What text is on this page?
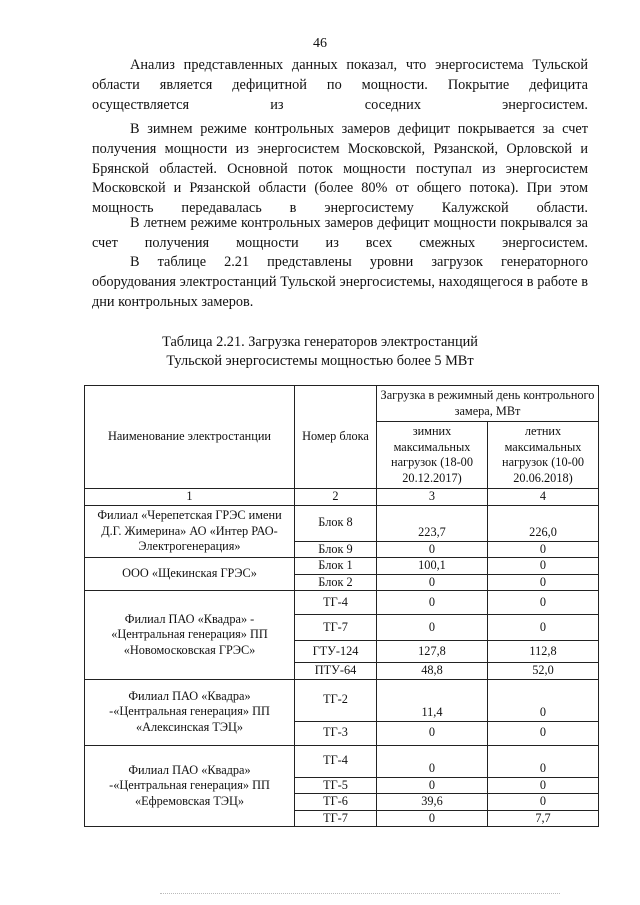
46
Анализ представленных данных показал, что энергосистема Тульской области является дефицитной по мощности. Покрытие дефицита осуществляется из соседних энергосистем.
В зимнем режиме контрольных замеров дефицит покрывается за счет получения мощности из энергосистем Московской, Рязанской, Орловской и Брянской областей. Основной поток мощности поступал из энергосистем Московской и Рязанской области (более 80% от общего потока). При этом мощность передавалась в энергосистему Калужской области.
В летнем режиме контрольных замеров дефицит мощности покрывался за счет получения мощности из всех смежных энергосистем.
В таблице 2.21 представлены уровни загрузок генераторного оборудования электростанций Тульской энергосистемы, находящегося в работе в дни контрольных замеров.
Таблица 2.21. Загрузка генераторов электростанций
Тульской энергосистемы мощностью более 5 МВт
Наименование электростанции	Номер блока	Загрузка в режимный день контрольного замера, МВт	
		зимних максимальных нагрузок (18-00 20.12.2017)	летних максимальных нагрузок (10-00 20.06.2018)
1	2	3	4
Филиал «Черепетская ГРЭС имени Д.Г. Жимерина» АО «Интер РАО-Электрогенерация»	Блок 8	223,7	226,0
	Блок 9	0	0
ООО «Щекинская ГРЭС»	Блок 1	100,1	0
	Блок 2	0	0
Филиал ПАО «Квадра» - «Центральная генерация» ПП «Новомосковская ГРЭС»	ТГ-4	0	0
	ТГ-7	0	0
	ГТУ-124	127,8	112,8
	ПТУ-64	48,8	52,0
Филиал ПАО «Квадра» -«Центральная генерация» ПП «Алексинская ТЭЦ»	ТГ-2	11,4	0
	ТГ-3	0	0
Филиал ПАО «Квадра» -«Центральная генерация» ПП «Ефремовская ТЭЦ»	ТГ-4	0	0
	ТГ-5	0	0
	ТГ-6	39,6	0
	ТГ-7	0	7,7
